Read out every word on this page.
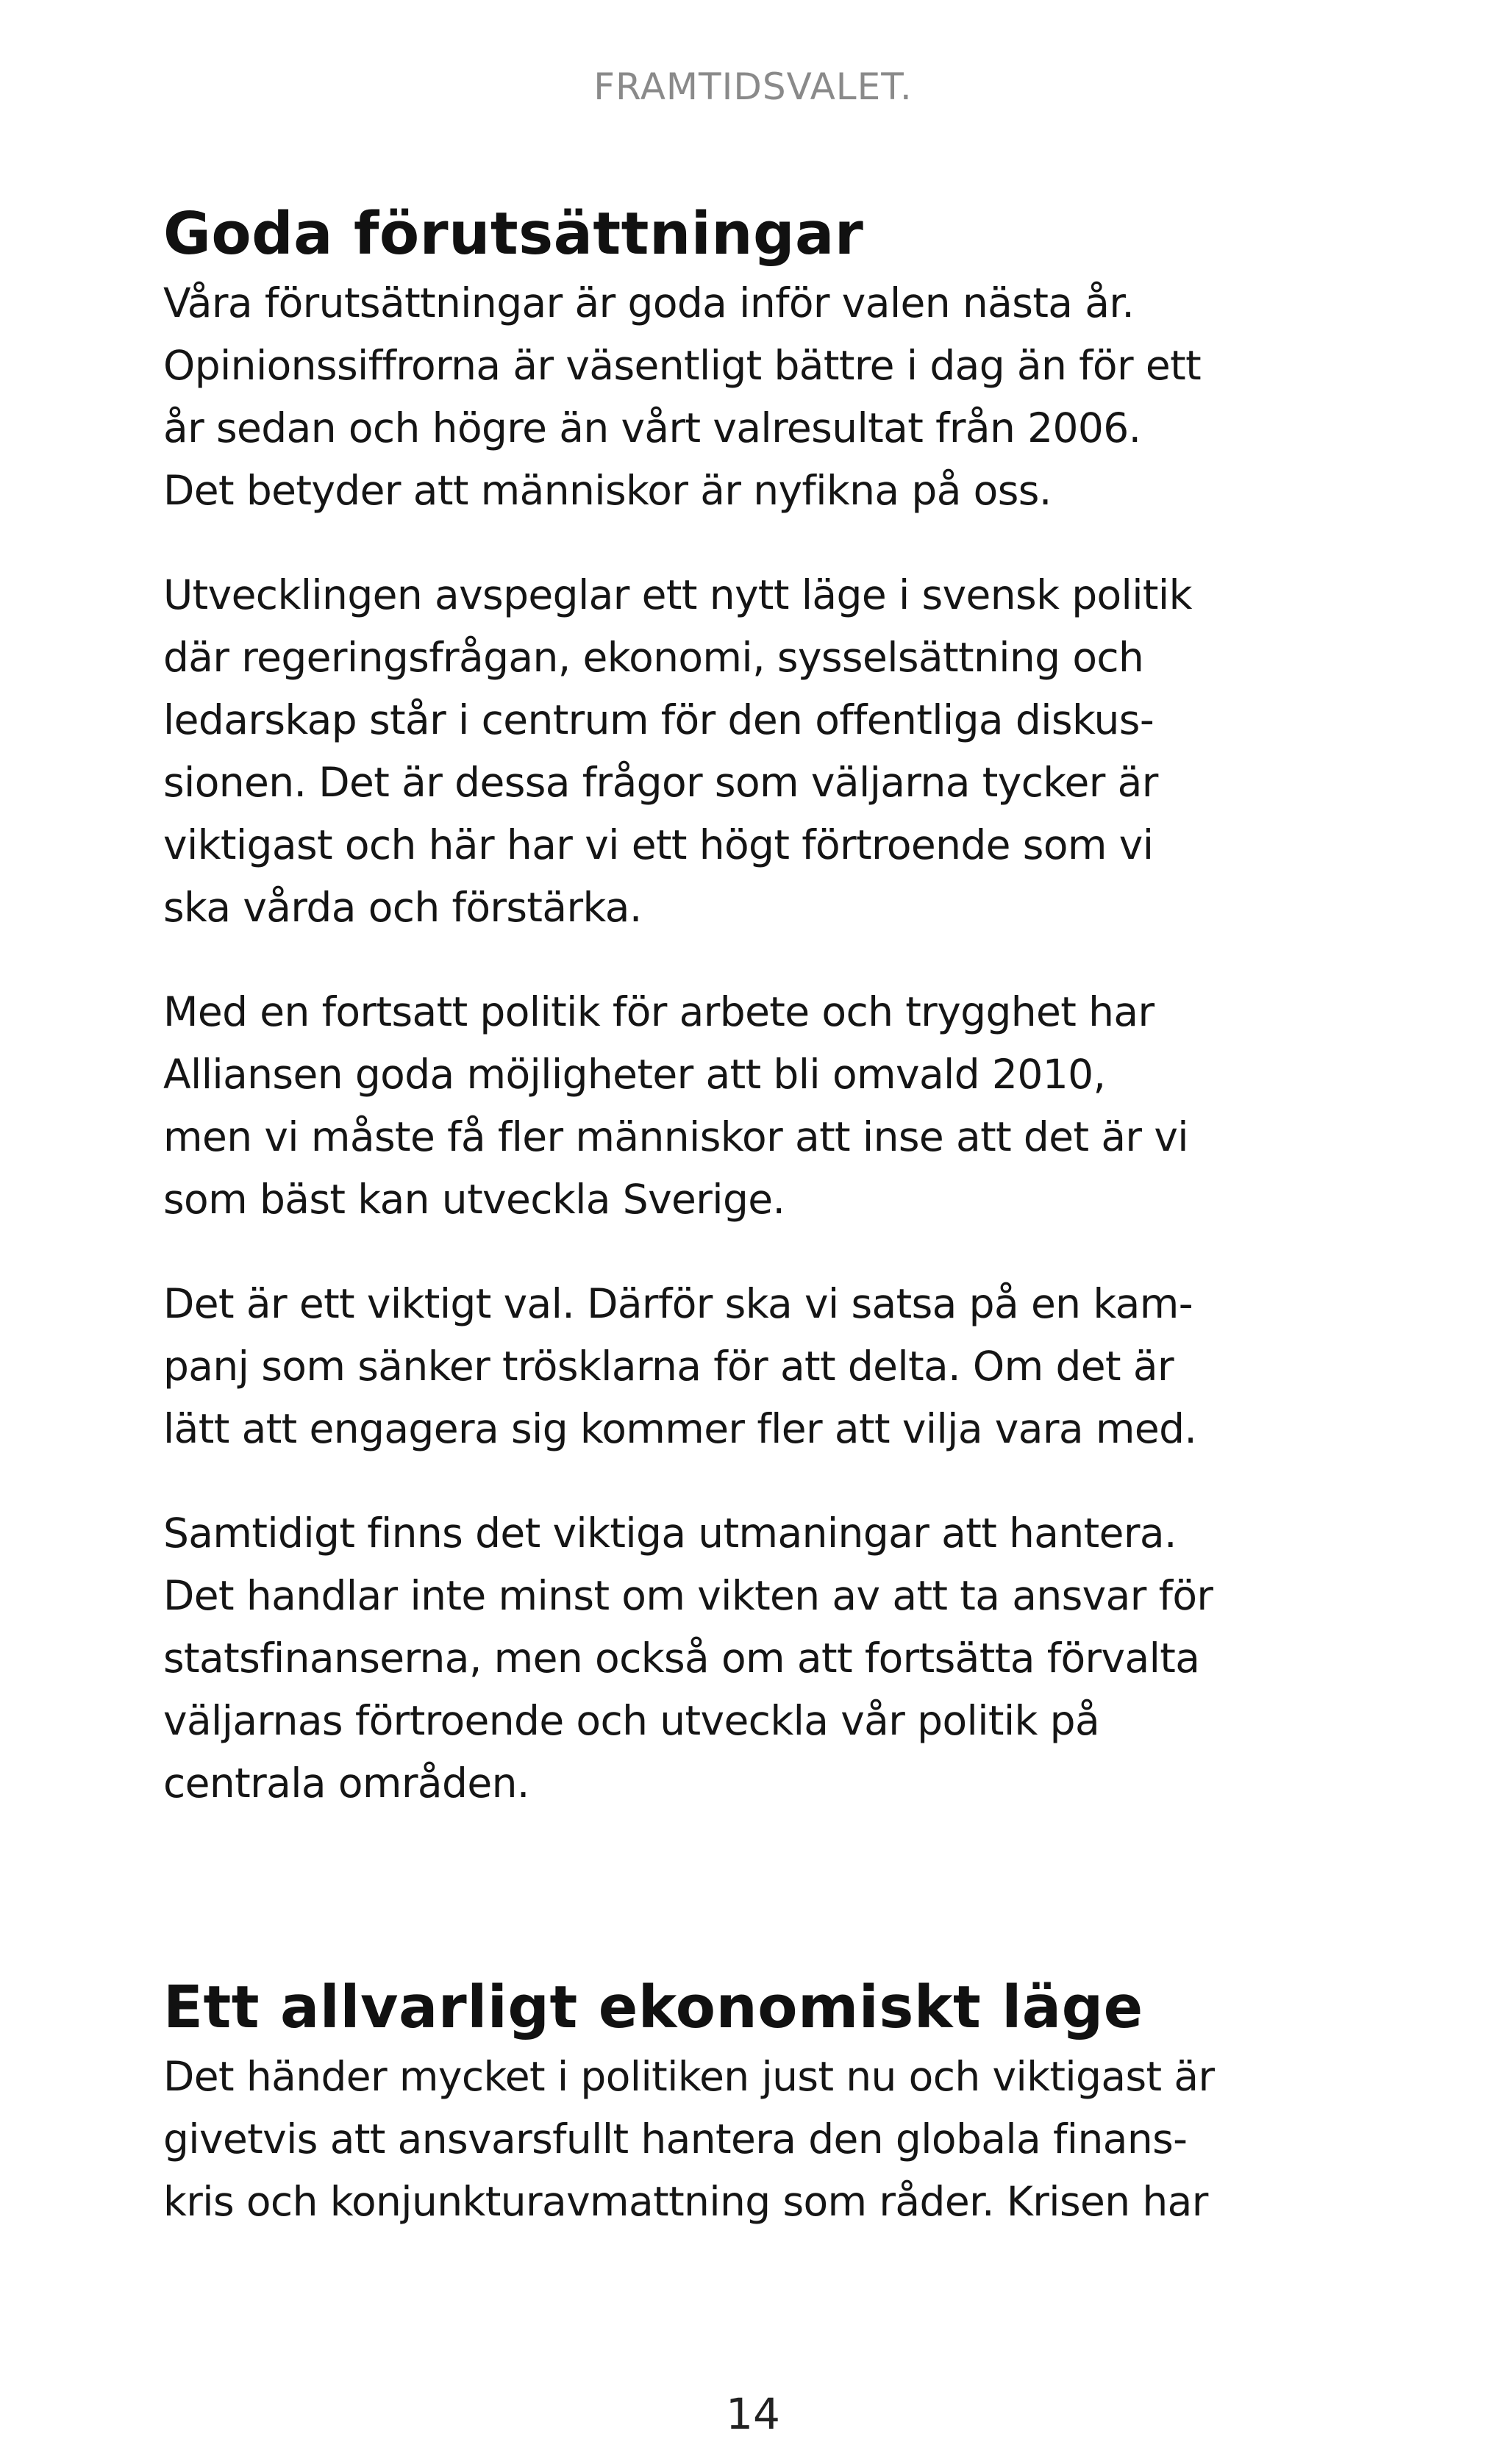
FRAMTIDSVALET.
Goda förutsättningar

Våra förutsättningar är goda inför valen nästa år.
Opinionssiffrorna är väsentligt bättre i dag än för ett
år sedan och högre än vårt valresultat från 2006.
Det betyder att människor är nyfikna på oss.

Utvecklingen avspeglar ett nytt läge i svensk politik
där regeringsfrågan, ekonomi, sysselsättning och
ledarskap står i centrum för den offentliga diskus-
sionen. Det är dessa frågor som väljarna tycker är
viktigast och här har vi ett högt förtroende som vi
ska vårda och förstärka.

Med en fortsatt politik för arbete och trygghet har
Alliansen goda möjligheter att bli omvald 2010,
men vi måste få fler människor att inse att det är vi
som bäst kan utveckla Sverige.

Det är ett viktigt val. Därför ska vi satsa på en kam-
panj som sänker trösklarna för att delta. Om det är
lätt att engagera sig kommer fler att vilja vara med.

Samtidigt finns det viktiga utmaningar att hantera.
Det handlar inte minst om vikten av att ta ansvar för
statsfinanserna, men också om att fortsätta förvalta
väljarnas förtroende och utveckla vår politik på
centrala områden.

Ett allvarligt ekonomiskt läge

Det händer mycket i politiken just nu och viktigast är
givetvis att ansvarsfullt hantera den globala finans-
kris och konjunkturavmattning som råder. Krisen har

14
